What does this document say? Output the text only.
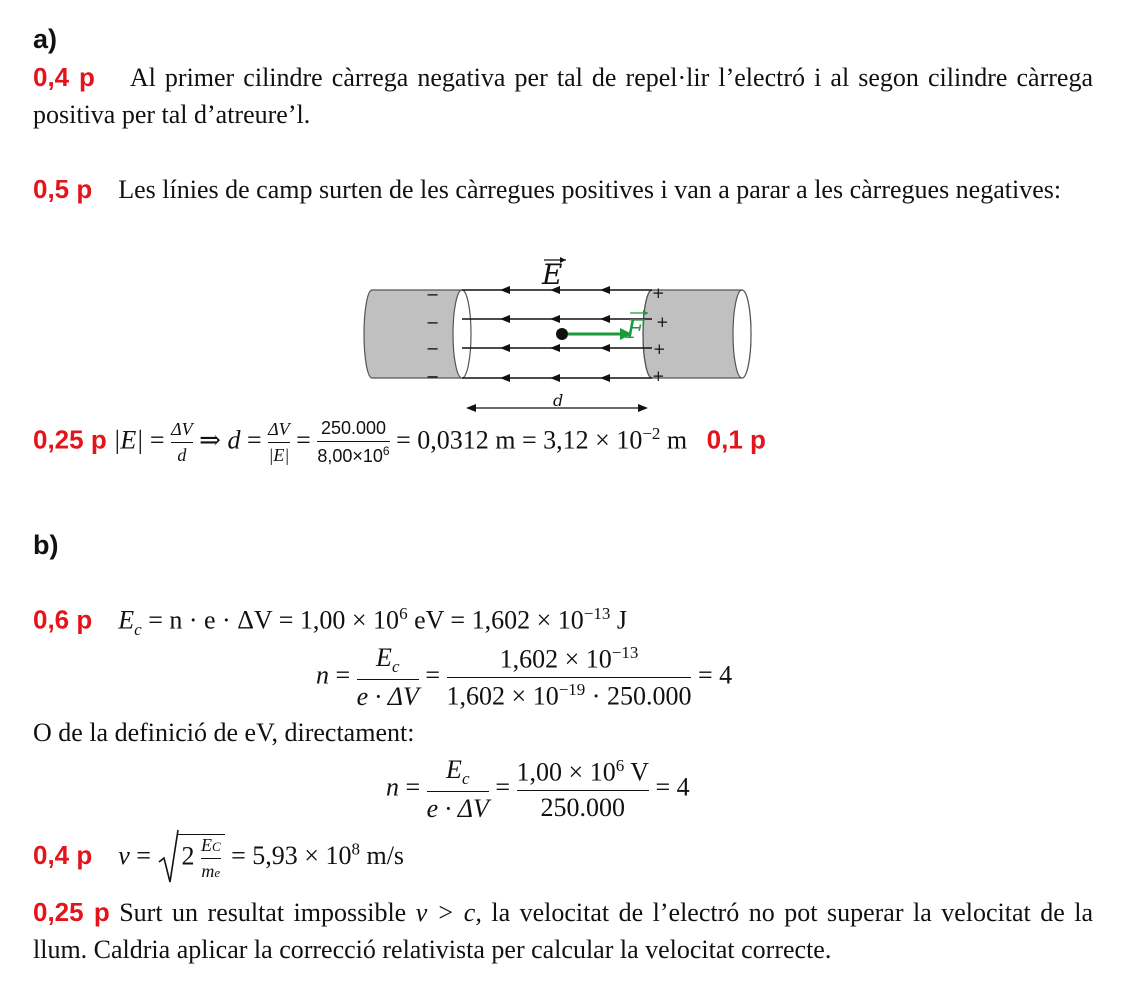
a)
0,4 p Al primer cilindre càrrega negativa per tal de repel·lir l’electró i al segon cilindre càrrega positiva per tal d’atreure’l.
0,5 p Les línies de camp surten de les càrregues positives i van a parar a les càrregues negatives:
−
−
−
−
+
+
+
+
E
F
d
0,25 p $|E| = \frac{\Delta V}{d}$ ⇒ $d = \frac{\Delta V}{|E|} = \frac{250.000}{8,00\times 10^6} = 0,0312$ $m = 3,12 \times 10^{-2}$ m 0,1 p
b)
0,6 p $E_c = n \cdot e \cdot \Delta V = 1,00 \times 10^6$ eV = $1,602 \times 10^{-13}$ J
$n = \frac{E_c}{e \cdot \Delta V} = \frac{1,602 \times 10^{-13}}{1,602 \times 10^{-19} \cdot 250.000} = 4$
O de la definició de eV, directament:
$n = \frac{E_c}{e \cdot \Delta V} = \frac{1,00 \times 10^6 V}{250.000} = 4$
0,4 p v =
$2 \frac{EC}{me} = 5,93 \times 10^8$ m/s
0,25 p Surt un resultat impossible v > c, la velocitat de l’electró no pot superar la velocitat de la llum. Caldria aplicar la correcció relativista per calcular la velocitat correcte.
